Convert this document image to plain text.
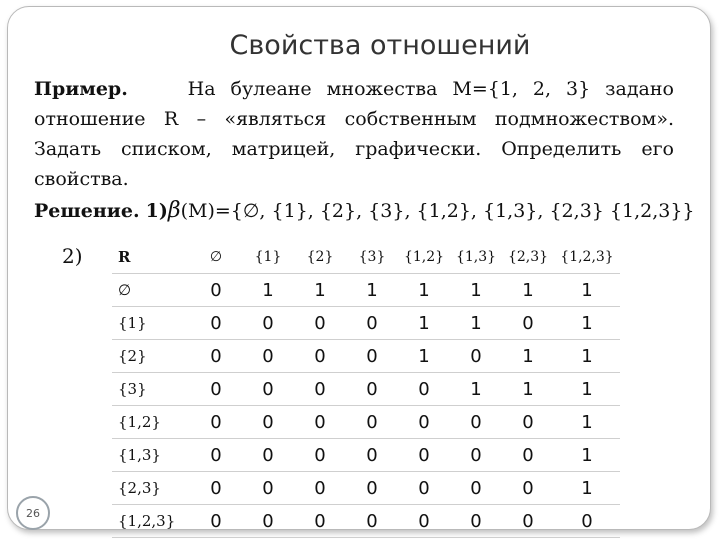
Свойства отношений
Пример.	На булеане множества M={1, 2, 3} задано
отношение R – «являться собственным подмножеством».
Задать списком, матрицей, графически. Определить его
свойства.
Решение. 1)β(M)={∅, {1}, {2}, {3}, {1,2}, {1,3}, {2,3} {1,2,3}}
2) R	∅	{1}	{2}	{3}	{1,2}	{1,3}	{2,3}	{1,2,3}
∅	0	1	1	1	1	1	1	1
{1}	0	0	0	0	1	1	0	1
{2}	0	0	0	0	1	0	1	1
{3}	0	0	0	0	0	1	1	1
{1,2}	0	0	0	0	0	0	0	1
{1,3}	0	0	0	0	0	0	0	1
{2,3}	0	0	0	0	0	0	0	1
{1,2,3}	0	0	0	0	0	0	0	0
26
